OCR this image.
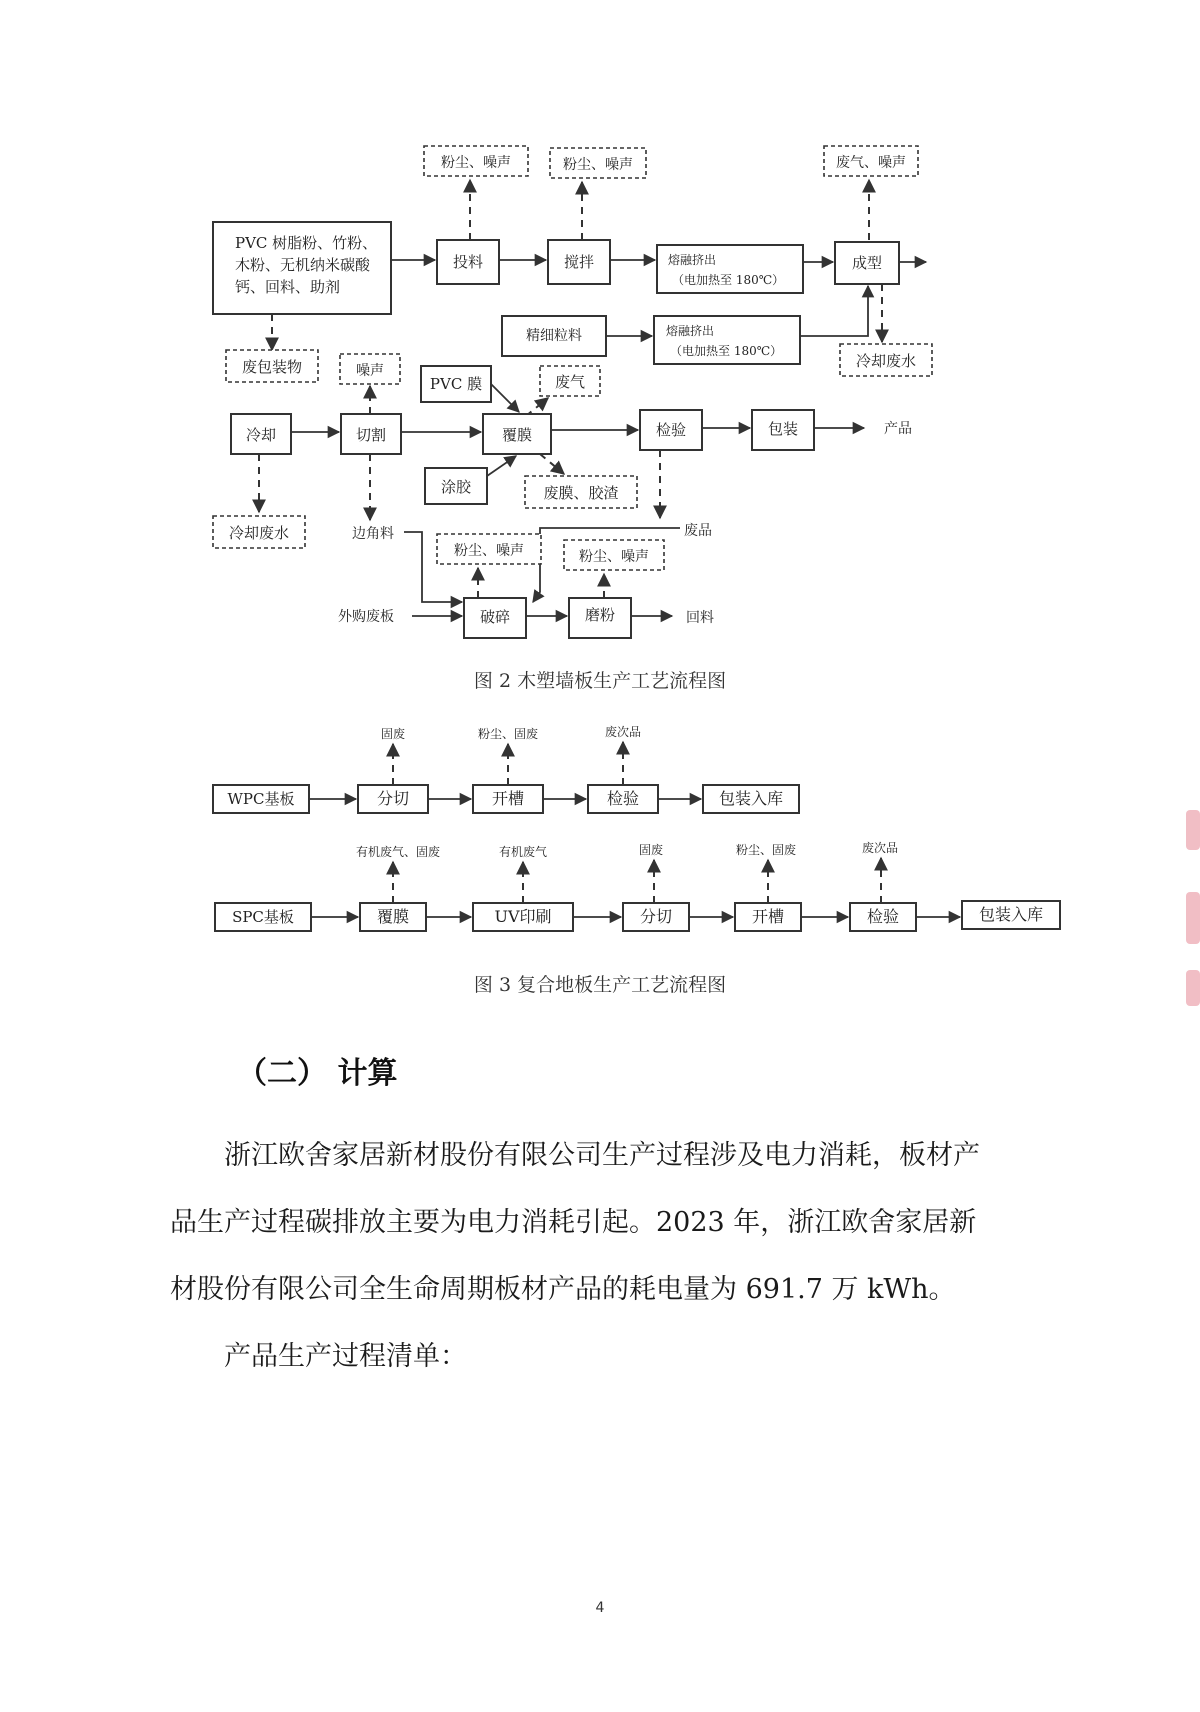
PVC 树脂粉、竹粉、
木粉、无机纳米碳酸
钙、回料、助剂
投料	搅拌	熔融挤出
（电加热至 180℃）
成型
粉尘、噪声	粉尘、噪声	废气、噪声
废包装物
精细粒料	熔融挤出
（电加热至 180℃）
冷却废水
冷却	切割
噪声
PVC 膜	废气
覆膜
涂胶	废膜、胶渣
检验	包装	产品
冷却废水	边角料	废品
粉尘、噪声	粉尘、噪声
外购废板	破碎	磨粉	回料
图 2 木塑墙板生产工艺流程图
WPC基板	分切	开槽	检验	包装入库
固废	粉尘、固废	废次品
SPC基板	覆膜	UV印刷	分切	开槽	检验	包装入库
有机废气、固废	有机废气	固废	粉尘、固废	废次品
图 3 复合地板生产工艺流程图
（二） 计算
浙江欧舍家居新材股份有限公司生产过程涉及电力消耗，板材产
品生产过程碳排放主要为电力消耗引起。2023 年，浙江欧舍家居新
材股份有限公司全生命周期板材产品的耗电量为 691.7 万 kWh。
产品生产过程清单：
4
